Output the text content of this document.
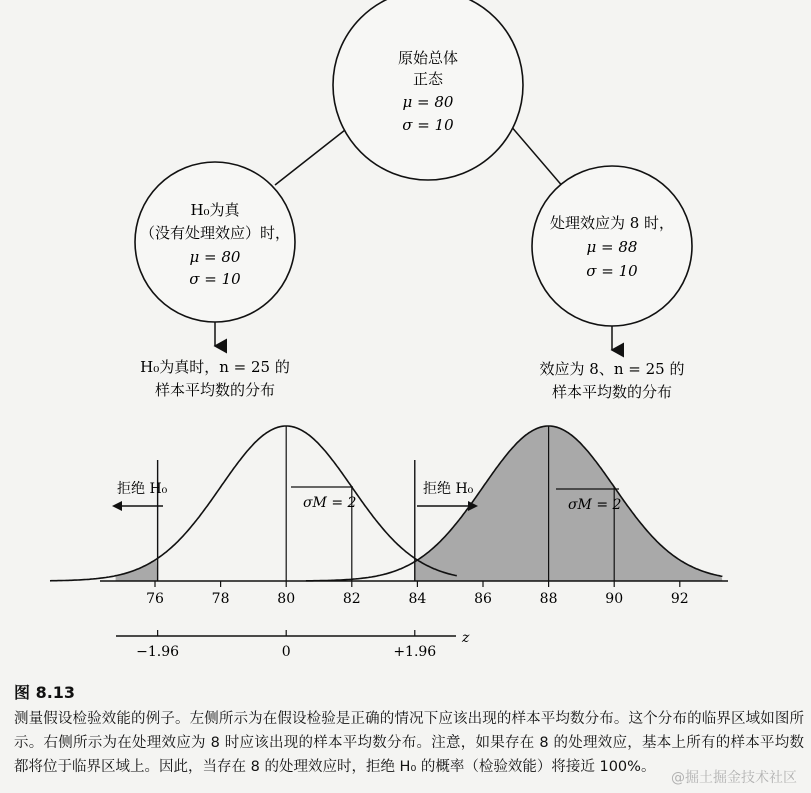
原始总体
正态
μ = 80
σ = 10
H₀为真
（没有处理效应）时，
μ = 80
σ = 10
处理效应为 8 时，
μ = 88
σ = 10
H₀为真时，n = 25 的
样本平均数的分布
效应为 8、n = 25 的
样本平均数的分布
76	78	80	82	84	86	88	90	92
−1.96	0	+1.96
拒绝 H₀	拒绝 H₀
σM = 2	σM = 2
z

图 8.13

测量假设检验效能的例子。左侧所示为在假设检验是正确的情况下应该出现的样本平均数分布。这个分布的临界区域如图所示。右侧所示为在处理效应为 8 时应该出现的样本平均数分布。注意，如果存在 8 的处理效应，基本上所有的样本平均数都将位于临界区域上。因此，当存在 8 的处理效应时，拒绝 H₀ 的概率（检验效能）将接近 100%。

@掘土掘金技术社区
